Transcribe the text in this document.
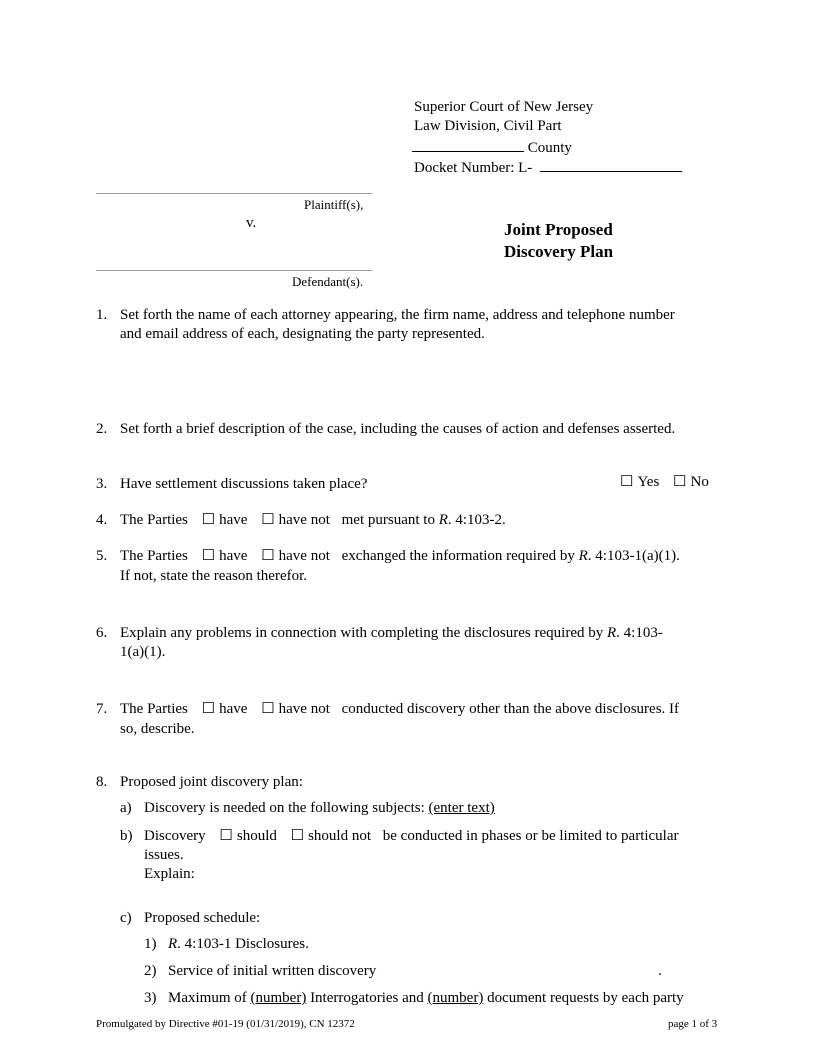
Superior Court of New Jersey
Law Division, Civil Part
County
Docket Number: L-
Plaintiff(s),
v.
Defendant(s).
Joint Proposed
Discovery Plan
1. Set forth the name of each attorney appearing, the firm name, address and telephone number
and email address of each, designating the party represented.
2. Set forth a brief description of the case, including the causes of action and defenses asserted.
3. Have settlement discussions taken place?	☐ Yes ☐ No
4. The Parties ☐ have ☐ have not met pursuant to R. 4:103-2.
5. The Parties ☐ have ☐ have not exchanged the information required by R. 4:103-1(a)(1).
If not, state the reason therefor.
6. Explain any problems in connection with completing the disclosures required by R. 4:103-
1(a)(1).
7. The Parties ☐ have ☐ have not conducted discovery other than the above disclosures. If
so, describe.
8. Proposed joint discovery plan:
a) Discovery is needed on the following subjects: (enter text)
b) Discovery ☐ should ☐ should not be conducted in phases or be limited to particular
issues.
Explain:
c) Proposed schedule:
1) R. 4:103-1 Disclosures.
2) Service of initial written discovery	.
3) Maximum of (number) Interrogatories and (number) document requests by each party
Promulgated by Directive #01-19 (01/31/2019), CN 12372	page 1 of 3
